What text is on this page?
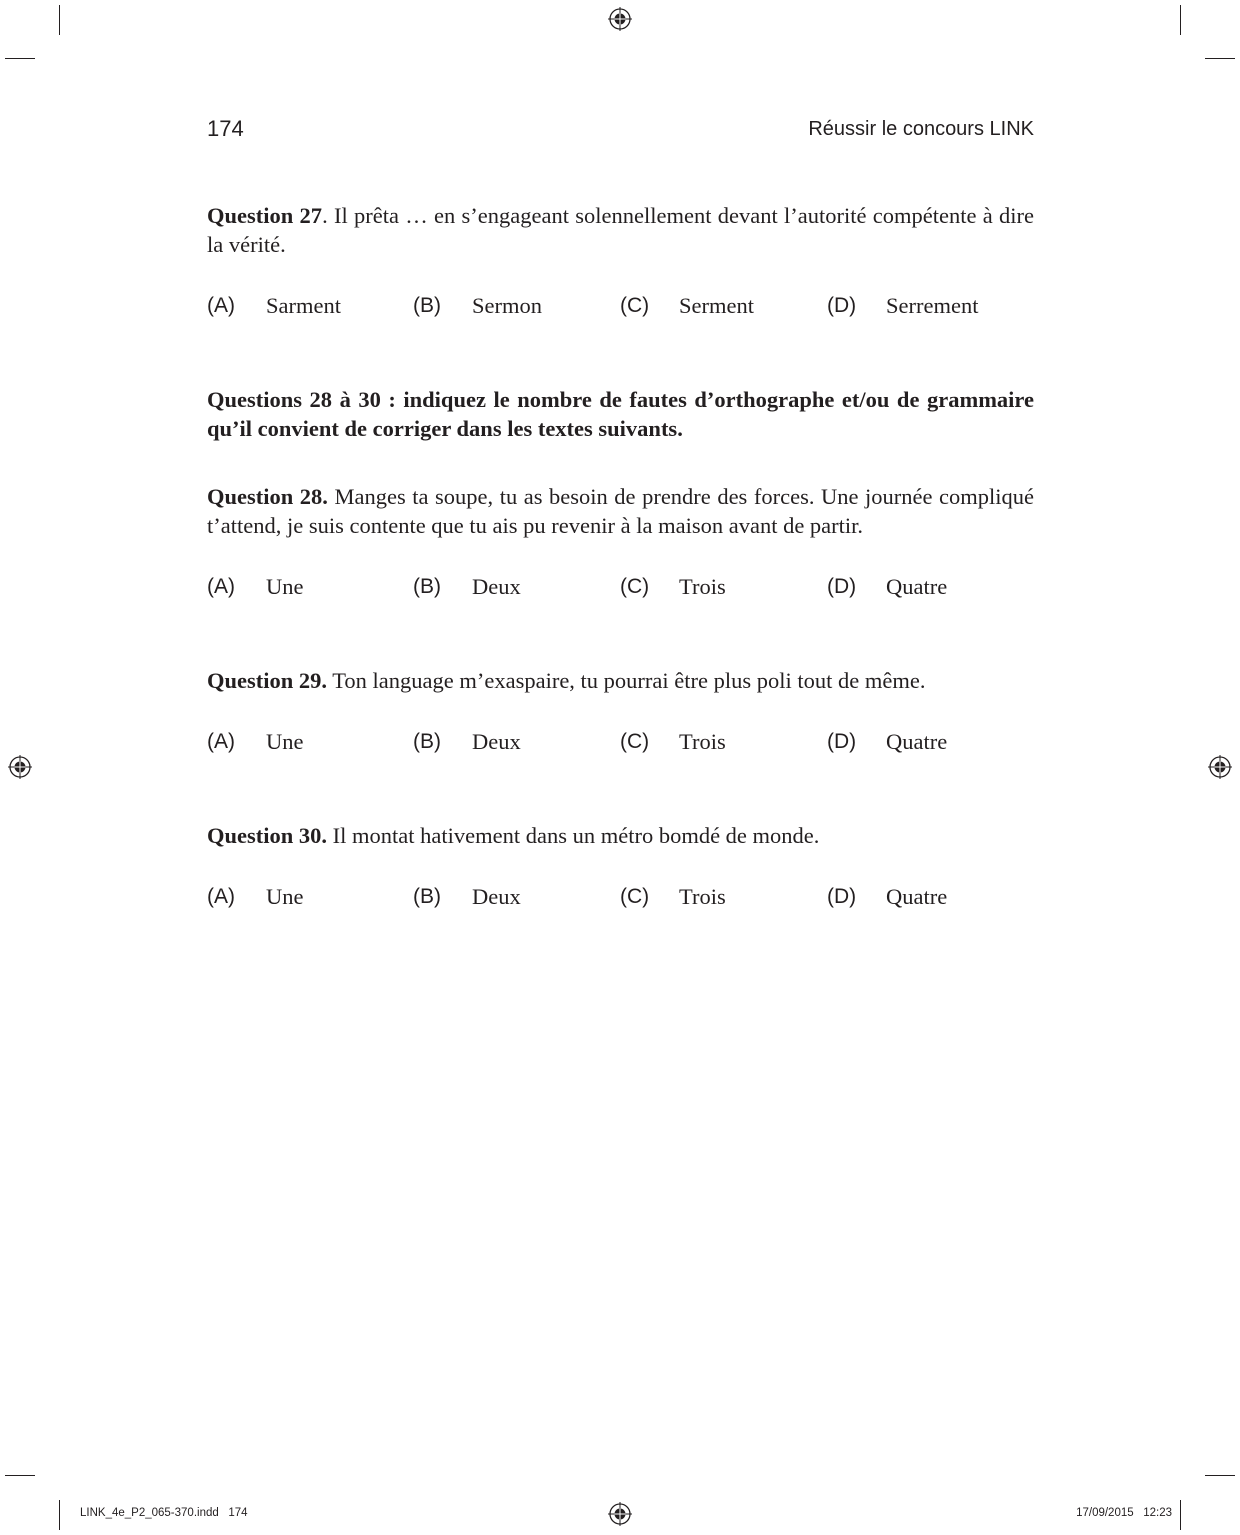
174	Réussir le concours LINK
Question 27. Il prêta … en s’engageant solennellement devant l’autorité compétente à dire la vérité.
(A) Sarment	(B) Sermon	(C) Serment	(D) Serrement
Questions 28 à 30 : indiquez le nombre de fautes d’orthographe et/ou de grammaire qu’il convient de corriger dans les textes suivants.
Question 28. Manges ta soupe, tu as besoin de prendre des forces. Une journée compliqué t’attend, je suis contente que tu ais pu revenir à la maison avant de partir.
(A) Une	(B) Deux	(C) Trois	(D) Quatre
Question 29. Ton language m’exaspaire, tu pourrai être plus poli tout de même.
(A) Une	(B) Deux	(C) Trois	(D) Quatre
Question 30. Il montat hativement dans un métro bomdé de monde.
(A) Une	(B) Deux	(C) Trois	(D) Quatre
LINK_4e_P2_065-370.indd   174	17/09/2015   12:23
